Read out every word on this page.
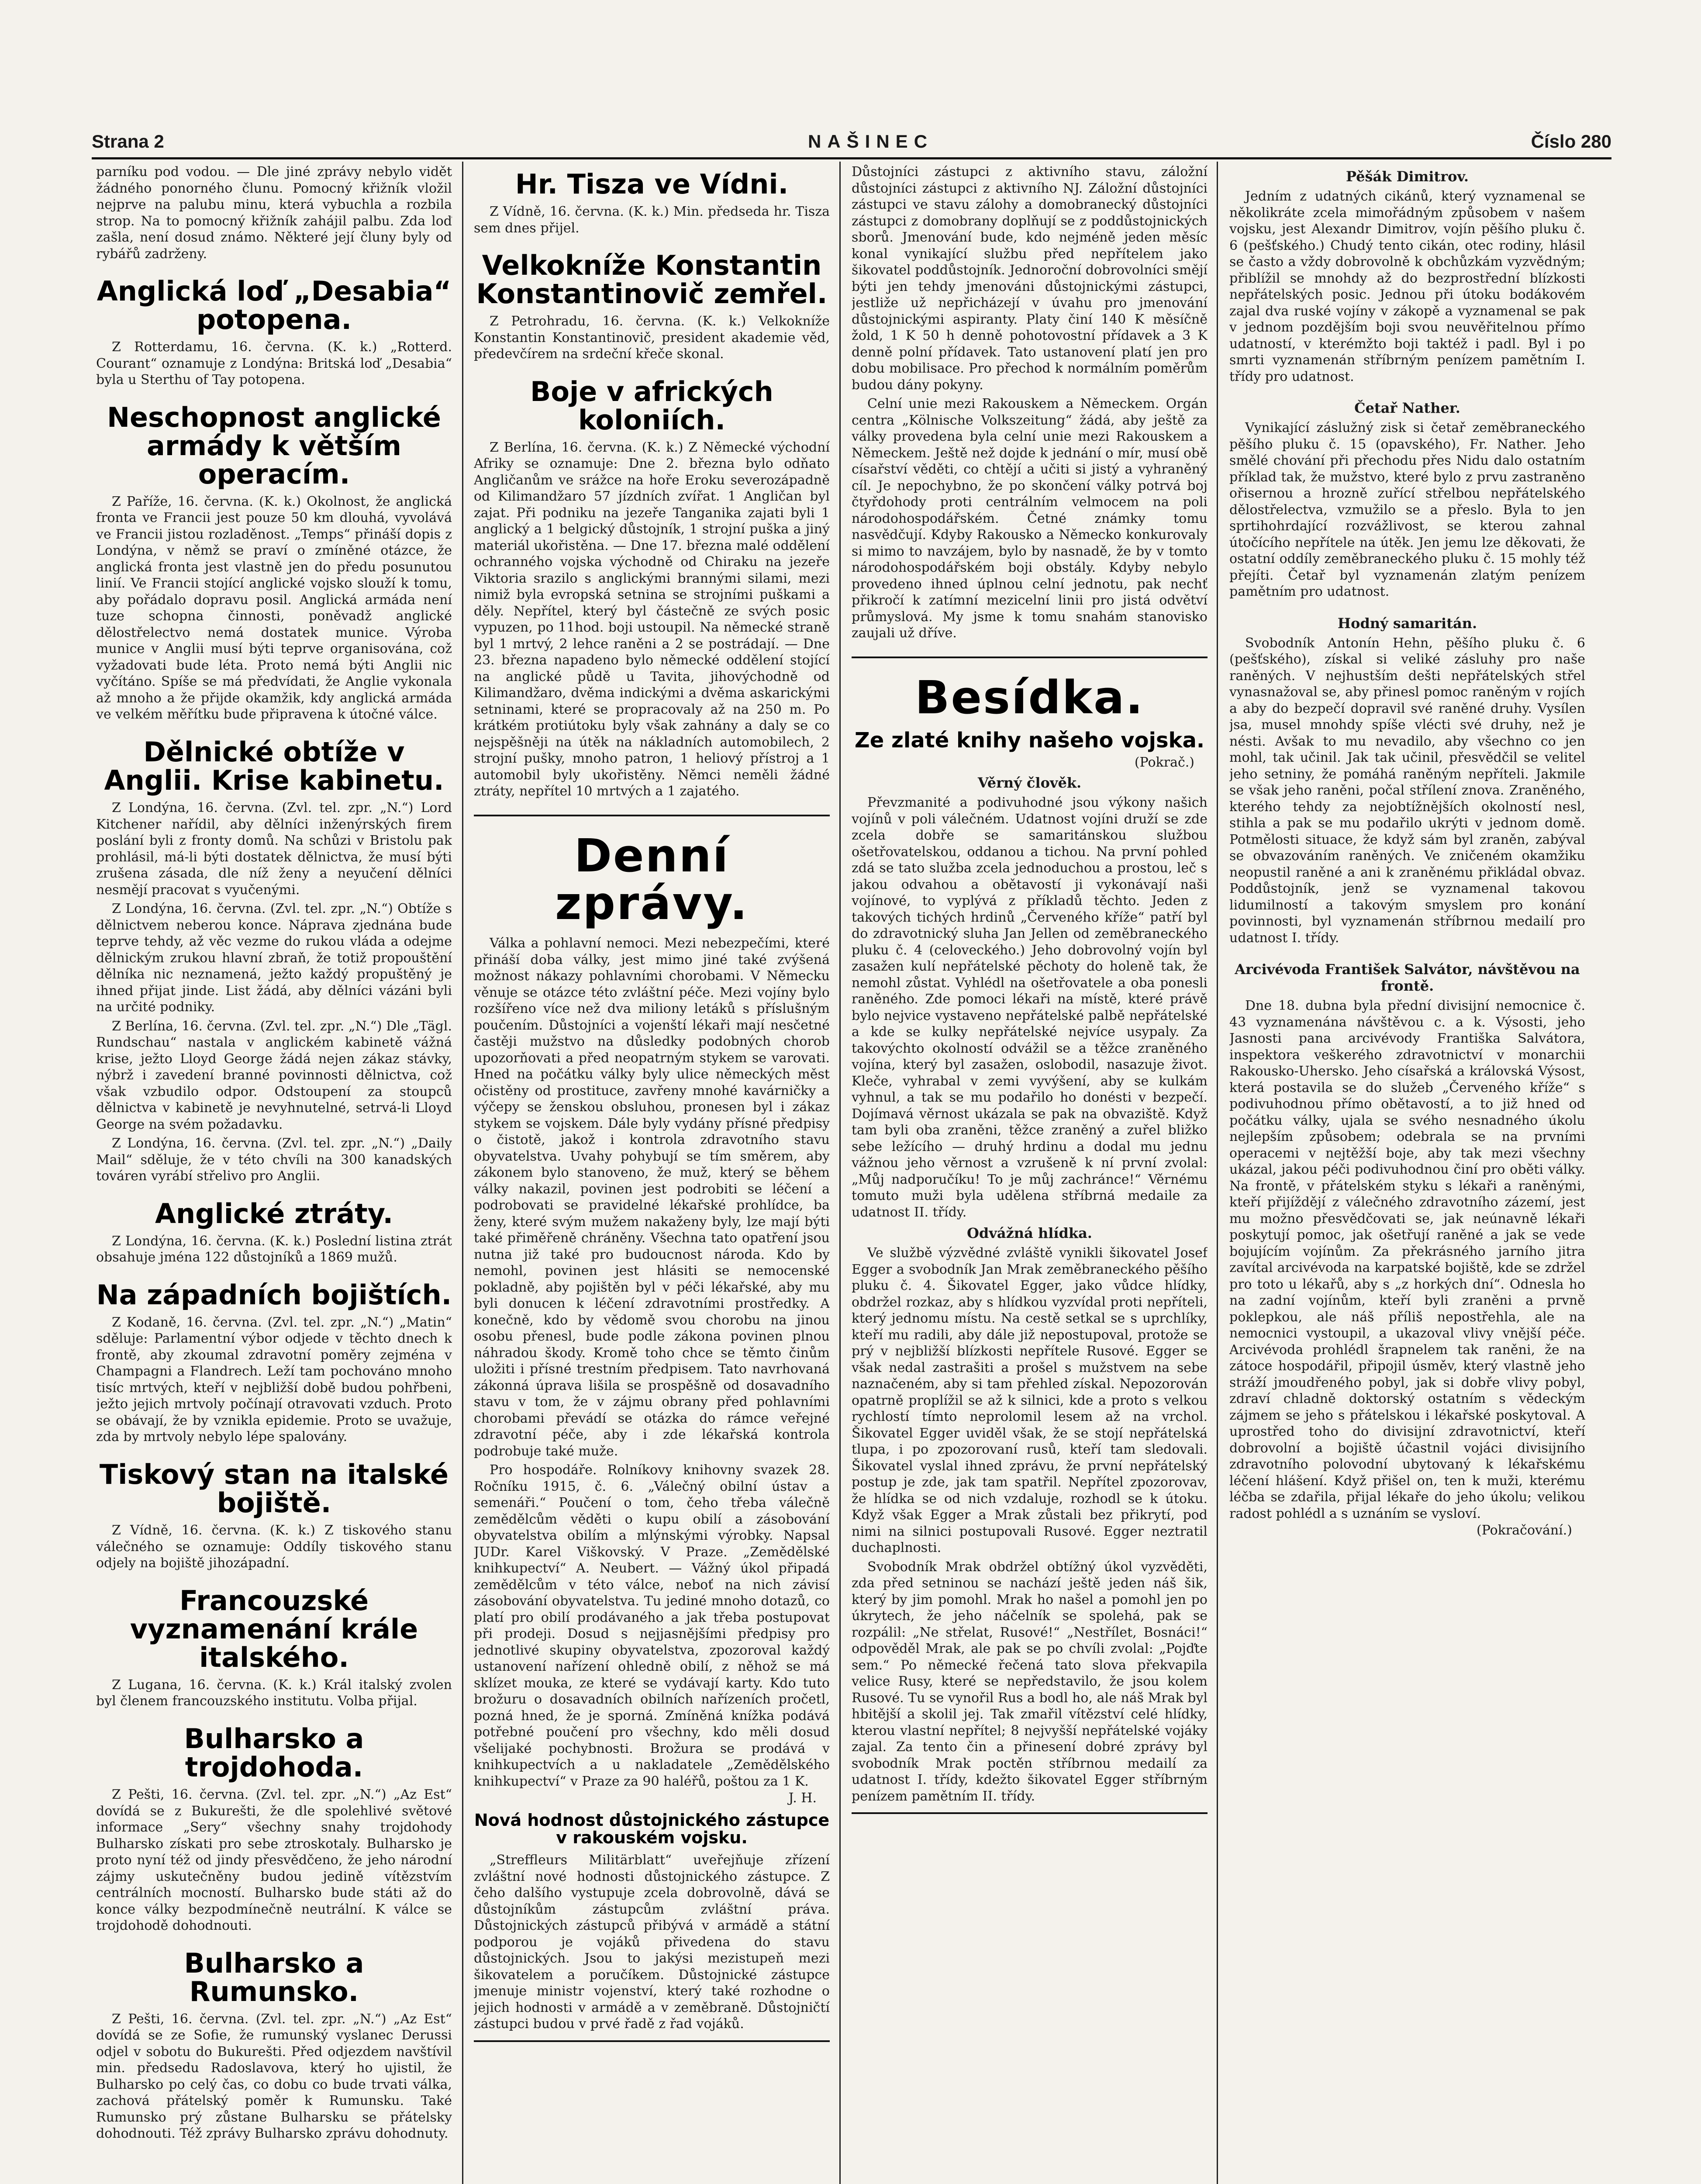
Strana 2	NAŠINEC	Číslo 280

parníku pod vodou. — Dle jiné zprávy nebylo vidět žádného ponorného člunu. Pomocný křižník vložil nejprve na palubu minu, která vybuchla a rozbila strop. Na to pomocný křižník zahájil palbu. Zda loď zašla, není dosud známo. Některé její čluny byly od rybářů zadrženy.

Anglická loď „Desabia“ potopena.

Z Rotterdamu, 16. června. (K. k.) „Rotterd. Courant“ oznamuje z Londýna: Britská loď „Desabia“ byla u Sterthu of Tay potopena.

Neschopnost anglické armády k větším operacím.

Z Paříže, 16. června. (K. k.) Okolnost, že anglická fronta ve Francii jest pouze 50 km dlouhá, vyvolává ve Francii jistou rozladěnost. „Temps“ přináší dopis z Londýna, v němž se praví o zmíněné otázce, že anglická fronta jest vlastně jen do předu posunutou linií. Ve Francii stojící anglické vojsko slouží k tomu, aby pořádalo dopravu posil. Anglická armáda není tuze schopna činnosti, poněvadž anglické dělostřelectvo nemá dostatek munice. Výroba munice v Anglii musí býti teprve organisována, což vyžadovati bude léta. Proto nemá býti Anglii nic vyčítáno. Spíše se má předvídati, že Anglie vykonala až mnoho a že přijde okamžik, kdy anglická armáda ve velkém měřítku bude připravena k útočné válce.

Dělnické obtíže v Anglii. Krise kabinetu.

Z Londýna, 16. června. (Zvl. tel. zpr. „N.“) Lord Kitchener nařídil, aby dělníci inženýrských firem poslání byli z fronty domů. Na schůzi v Bristolu pak prohlásil, má-li býti dostatek dělnictva, že musí býti zrušena zásada, dle níž ženy a neyučení dělníci nesmějí pracovat s vyučenými.

Z Londýna, 16. června. (Zvl. tel. zpr. „N.“) Obtíže s dělnictvem neberou konce. Náprava zjednána bude teprve tehdy, až věc vezme do rukou vláda a odejme dělnickým zrukou hlavní zbraň, že totiž propouštění dělníka nic neznamená, ježto každý propuštěný je ihned přijat jinde. List žádá, aby dělníci vázáni byli na určité podniky.

Z Berlína, 16. června. (Zvl. tel. zpr. „N.“) Dle „Tägl. Rundschau“ nastala v anglickém kabinetě vážná krise, ježto Lloyd George žádá nejen zákaz stávky, nýbrž i zavedení branné povinnosti dělnictva, což však vzbudilo odpor. Odstoupení za stoupců dělnictva v kabinetě je nevyhnutelné, setrvá-li Lloyd George na svém požadavku.

Z Londýna, 16. června. (Zvl. tel. zpr. „N.“) „Daily Mail“ sděluje, že v této chvíli na 300 kanadských továren vyrábí střelivo pro Anglii.

Anglické ztráty.

Z Londýna, 16. června. (K. k.) Poslední listina ztrát obsahuje jména 122 důstojníků a 1869 mužů.

Na západních bojištích.

Z Kodaně, 16. června. (Zvl. tel. zpr. „N.“) „Matin“ sděluje: Parlamentní výbor odjede v těchto dnech k frontě, aby zkoumal zdravotní poměry zejména v Champagni a Flandrech. Leží tam pochováno mnoho tisíc mrtvých, kteří v nejbližší době budou pohřbeni, ježto jejich mrtvoly počínají otravovati vzduch. Proto se obávají, že by vznikla epidemie. Proto se uvažuje, zda by mrtvoly nebylo lépe spalovány.

Tiskový stan na italské bojiště.

Z Vídně, 16. června. (K. k.) Z tiskového stanu válečného se oznamuje: Oddíly tiskového stanu odjely na bojiště jihozápadní.

Francouzské vyznamenání krále italského.

Z Lugana, 16. června. (K. k.) Král italský zvolen byl členem francouzského institutu. Volba přijal.

Bulharsko a trojdohoda.

Z Pešti, 16. června. (Zvl. tel. zpr. „N.“) „Az Est“ dovídá se z Bukurešti, že dle spolehlivé světové informace „Sery“ všechny snahy trojdohody Bulharsko získati pro sebe ztroskotaly. Bulharsko je proto nyní též od jindy přesvědčeno, že jeho národní zájmy uskutečněny budou jedině vítězstvím centrálních mocností. Bulharsko bude státi až do konce války bezpodmínečně neutrální. K válce se trojdohodě dohodnouti.

Bulharsko a Rumunsko.

Z Pešti, 16. června. (Zvl. tel. zpr. „N.“) „Az Est“ dovídá se ze Sofie, že rumunský vyslanec Derussi odjel v sobotu do Bukurešti. Před odjezdem navštívil min. předsedu Radoslavova, který ho ujistil, že Bulharsko po celý čas, co dobu co bude trvati válka, zachová přátelský poměr k Rumunsku. Také Rumunsko prý zůstane Bulharsku se přátelsky dohodnouti. Též zprávy Bulharsko zprávu dohodnuty.

Hr. Tisza ve Vídni.

Z Vídně, 16. června. (K. k.) Min. předseda hr. Tisza sem dnes přijel.

Velkokníže Konstantin Konstantinovič zemřel.

Z Petrohradu, 16. června. (K. k.) Velkokníže Konstantin Konstantinovič, president akademie věd, předevčírem na srdeční křeče skonal.

Boje v afrických koloniích.

Z Berlína, 16. června. (K. k.) Z Německé východní Afriky se oznamuje: Dne 2. března bylo odňato Angličanům ve srážce na hoře Eroku severozápadně od Kilimandžaro 57 jízdních zvířat. 1 Angličan byl zajat. Při podniku na jezeře Tanganika zajati byli 1 anglický a 1 belgický důstojník, 1 strojní puška a jiný materiál ukořistěna. — Dne 17. března malé oddělení ochranného vojska východně od Chiraku na jezeře Viktoria srazilo s anglickými brannými silami, mezi nimiž byla evropská setnina se strojními puškami a děly. Nepřítel, který byl částečně ze svých posic vypuzen, po 11hod. boji ustoupil. Na německé straně byl 1 mrtvý, 2 lehce raněni a 2 se postrádají. — Dne 23. března napadeno bylo německé oddělení stojící na anglické půdě u Tavita, jihovýchodně od Kilimandžaro, dvěma indickými a dvěma askarickými setninami, které se propracovaly až na 250 m. Po krátkém protiútoku byly však zahnány a daly se co nejspěšněji na útěk na nákladních automobilech, 2 strojní pušky, mnoho patron, 1 heliový přístroj a 1 automobil byly ukořistěny. Němci neměli žádné ztráty, nepřítel 10 mrtvých a 1 zajatého.

Denní zprávy.

Válka a pohlavní nemoci. Mezi nebezpečími, které přináší doba války, jest mimo jiné také zvýšená možnost nákazy pohlavními chorobami. V Německu věnuje se otázce této zvláštní péče. Mezi vojíny bylo rozšířeno více než dva miliony letáků s příslušným poučením. Důstojníci a vojenští lékaři mají nesčetné častěji mužstvo na důsledky podobných chorob upozorňovati a před neopatrným stykem se varovati. Hned na počátku války byly ulice německých měst očistěny od prostituce, zavřeny mnohé kavárničky a výčepy se ženskou obsluhou, pronesen byl i zákaz stykem se vojskem. Dále byly vydány přísné předpisy o čistotě, jakož i kontrola zdravotního stavu obyvatelstva. Uvahy pohybují se tím směrem, aby zákonem bylo stanoveno, že muž, který se během války nakazil, povinen jest podrobiti se léčení a podrobovati se pravidelné lékařské prohlídce, ba ženy, které svým mužem nakaženy byly, lze mají býti také přiměřeně chráněny. Všechna tato opatření jsou nutna již také pro budoucnost národa. Kdo by nemohl, povinen jest hlásiti se nemocenské pokladně, aby pojištěn byl v péči lékařské, aby mu byli donucen k léčení zdravotními prostředky. A konečně, kdo by vědomě svou chorobu na jinou osobu přenesl, bude podle zákona povinen plnou náhradou škody. Kromě toho chce se těmto činům uložiti i přísné trestním předpisem. Tato navrhovaná zákonná úprava lišila se prospěšně od dosavadního stavu v tom, že v zájmu obrany před pohlavními chorobami převádí se otázka do rámce veřejné zdravotní péče, aby i zde lékařská kontrola podrobuje také muže.

Pro hospodáře. Rolníkovy knihovny svazek 28. Ročníku 1915, č. 6. „Válečný obilní ústav a semenáři.“ Poučení o tom, čeho třeba válečně zemědělcům věděti o kupu obilí a zásobování obyvatelstva obilím a mlýnskými výrobky. Napsal JUDr. Karel Viškovský. V Praze. „Zemědělské knihkupectví“ A. Neubert. — Vážný úkol připadá zemědělcům v této válce, neboť na nich závisí zásobování obyvatelstva. Tu jediné mnoho dotazů, co platí pro obilí prodávaného a jak třeba postupovat při prodeji. Dosud s nejjasnějšími předpisy pro jednotlivé skupiny obyvatelstva, zpozoroval každý ustanovení nařízení ohledně obilí, z něhož se má sklízet mouka, ze které se vydávají karty. Kdo tuto brožuru o dosavadních obilních nařízeních pročetl, pozná hned, že je sporná. Zmíněná knížka podává potřebné poučení pro všechny, kdo měli dosud všelijaké pochybnosti. Brožura se prodává v knihkupectvích a u nakladatele „Zemědělského knihkupectví“ v Praze za 90 haléřů, poštou za 1 K.

J. H.
Nová hodnost důstojnického zástupce v rakouském vojsku.

„Streffleurs Militärblatt“ uveřejňuje zřízení zvláštní nové hodnosti důstojnického zástupce. Z čeho dalšího vystupuje zcela dobrovolně, dává se důstojníkům zástupcům zvláštní práva. Důstojnických zástupců přibývá v armádě a státní podporou je vojáků přivedena do stavu důstojnických. Jsou to jakýsi mezistupeň mezi šikovatelem a poručíkem. Důstojnické zástupce jmenuje ministr vojenství, který také rozhodne o jejich hodnosti v armádě a v zeměbraně. Důstojničtí zástupci budou v prvé řadě z řad vojáků.

Důstojníci zástupci z aktivního stavu, záložní důstojníci zástupci z aktivního NJ. Záložní důstojníci zástupci ve stavu zálohy a domobranecký důstojníci zástupci z domobrany doplňují se z poddůstojnických sborů. Jmenování bude, kdo nejméně jeden měsíc konal vynikající službu před nepřítelem jako šikovatel poddůstojník. Jednoroční dobrovolníci smějí býti jen tehdy jmenováni důstojnickými zástupci, jestliže už nepřicházejí v úvahu pro jmenování důstojnickými aspiranty. Platy činí 140 K měsíčně žold, 1 K 50 h denně pohotovostní přídavek a 3 K denně polní přídavek. Tato ustanovení platí jen pro dobu mobilisace. Pro přechod k normálním poměrům budou dány pokyny.

Celní unie mezi Rakouskem a Německem. Orgán centra „Kölnische Volkszeitung“ žádá, aby ještě za války provedena byla celní unie mezi Rakouskem a Německem. Ještě než dojde k jednání o mír, musí obě císařství věděti, co chtějí a učiti si jistý a vyhraněný cíl. Je nepochybno, že po skončení války potrvá boj čtyřdohody proti centrálním velmocem na poli národohospodářském. Četné známky tomu nasvědčují. Kdyby Rakousko a Německo konkurovaly si mimo to navzájem, bylo by nasnadě, že by v tomto národohospodářském boji obstály. Kdyby nebylo provedeno ihned úplnou celní jednotu, pak nechť přikročí k zatímní mezicelní linii pro jistá odvětví průmyslová. My jsme k tomu snahám stanovisko zaujali už dříve.

Besídka.
Ze zlaté knihy našeho vojska.
(Pokrač.)
Věrný člověk.

Převzmanité a podivuhodné jsou výkony našich vojínů v poli válečném. Udatnost vojíni druží se zde zcela dobře se samaritánskou službou ošetřovatelskou, oddanou a tichou. Na první pohled zdá se tato služba zcela jednoduchou a prostou, leč s jakou odvahou a obětavostí ji vykonávají naši vojínové, to vyplývá z příkladů těchto. Jeden z takových tichých hrdinů „Červeného kříže“ patří byl do zdravotnický sluha Jan Jellen od zeměbraneckého pluku č. 4 (celoveckého.) Jeho dobrovolný vojín byl zasažen kulí nepřátelské pěchoty do holeně tak, že nemohl zůstat. Vyhlédl na ošetřovatele a oba ponesli raněného. Zde pomoci lékaři na místě, které právě bylo nejvice vystaveno nepřátelské palbě nepřátelské a kde se kulky nepřátelské nejvíce usypaly. Za takovýchto okolností odvážil se a těžce zraněného vojína, který byl zasažen, oslobodil, nasazuje život. Kleče, vyhrabal v zemi vyvýšení, aby se kulkám vyhnul, a tak se mu podařilo ho donésti v bezpečí. Dojímavá věrnost ukázala se pak na obvaziště. Když tam byli oba zraněni, těžce zraněný a zuřel bližko sebe ležícího — druhý hrdinu a dodal mu jednu vážnou jeho věrnost a vzrušeně k ní první zvolal: „Můj nadporučíku! To je můj zachránce!“ Věrnému tomuto muži byla udělena stříbrná medaile za udatnost II. třídy.

Odvážná hlídka.

Ve službě výzvědné zvláště vynikli šikovatel Josef Egger a svobodník Jan Mrak zeměbraneckého pěšího pluku č. 4. Šikovatel Egger, jako vůdce hlídky, obdržel rozkaz, aby s hlídkou vyzvídal proti nepříteli, který jednomu místu. Na cestě setkal se s uprchlíky, kteří mu radili, aby dále již nepostupoval, protože se prý v nejbližší blízkosti nepřítele Rusové. Egger se však nedal zastrašiti a prošel s mužstvem na sebe naznačeném, aby si tam přehled získal. Nepozorován opatrně proplížil se až k silnici, kde a proto s velkou rychlostí tímto neprolomil lesem až na vrchol. Šikovatel Egger uviděl však, že se stojí nepřátelská tlupa, i po zpozorovaní rusů, kteří tam sledovali. Šikovatel vyslal ihned zprávu, že první nepřátelský postup je zde, jak tam spatřil. Nepřítel zpozorovav, že hlídka se od nich vzdaluje, rozhodl se k útoku. Když však Egger a Mrak zůstali bez přikrytí, pod nimi na silnici postupovali Rusové. Egger neztratil duchaplnosti.

Svobodník Mrak obdržel obtížný úkol vyzvěděti, zda před setninou se nachází ještě jeden náš šik, který by jim pomohl. Mrak ho našel a pomohl jen po úkrytech, že jeho náčelník se spolehá, pak se rozpálil: „Ne střelat, Rusové!“ „Nestřílet, Bosnáci!“ odpověděl Mrak, ale pak se po chvíli zvolal: „Pojďte sem.“ Po německé řečená tato slova překvapila velice Rusy, které se nepředstavilo, že jsou kolem Rusové. Tu se vynořil Rus a bodl ho, ale náš Mrak byl hbitější a skolil jej. Tak zmařil vítězství celé hlídky, kterou vlastní nepřítel; 8 nejvyšší nepřátelské vojáky zajal. Za tento čin a přinesení dobré zprávy byl svobodník Mrak poctěn stříbrnou medailí za udatnost I. třídy, kdežto šikovatel Egger stříbrným penízem pamětním II. třídy.

Pěšák Dimitrov.

Jedním z udatných cikánů, který vyznamenal se několikráte zcela mimořádným způsobem v našem vojsku, jest Alexandr Dimitrov, vojín pěšího pluku č. 6 (pešťského.) Chudý tento cikán, otec rodiny, hlásil se často a vždy dobrovolně k obchůzkám vyzvědným; přiblížil se mnohdy až do bezprostřední blízkosti nepřátelských posic. Jednou při útoku bodákovém zajal dva ruské vojíny v zákopě a vyznamenal se pak v jednom pozdějším boji svou neuvěřitelnou přímo udatností, v kterémžto boji taktéž i padl. Byl i po smrti vyznamenán stříbrným penízem pamětním I. třídy pro udatnost.

Četař Nather.

Vynikající záslužný zisk si četař zeměbraneckého pěšího pluku č. 15 (opavského), Fr. Nather. Jeho smělé chování při přechodu přes Nidu dalo ostatním příklad tak, že mužstvo, které bylo z prvu zastraněno ořisernou a hrozně zuřící střelbou nepřátelského dělostřelectva, vzmužilo se a přeslo. Byla to jen sprtihohrdající rozvážlivost, se kterou zahnal útočícího nepřítele na útěk. Jen jemu lze děkovati, že ostatní oddíly zeměbraneckého pluku č. 15 mohly též přejíti. Četař byl vyznamenán zlatým penízem pamětním pro udatnost.

Hodný samaritán.

Svobodník Antonín Hehn, pěšího pluku č. 6 (pešťského), získal si veliké zásluhy pro naše raněných. V nejhustším dešti nepřátelských střel vynasnažoval se, aby přinesl pomoc raněným v rojích a aby do bezpečí dopravil své raněné druhy. Vysílen jsa, musel mnohdy spíše vlécti své druhy, než je nésti. Avšak to mu nevadilo, aby všechno co jen mohl, tak učinil. Jak tak učinil, přesvědčil se velitel jeho setniny, že pomáhá raněným nepříteli. Jakmile se však jeho raněni, počal střílení znova. Zraněného, kterého tehdy za nejobtížnějších okolností nesl, stihla a pak se mu podařilo ukrýti v jednom domě. Potmělosti situace, že když sám byl zraněn, zabýval se obvazováním raněných. Ve zničeném okamžiku neopustil raněné a ani k zraněnému přikládal obvaz. Poddůstojník, jenž se vyznamenal takovou lidumilností a takovým smyslem pro konání povinnosti, byl vyznamenán stříbrnou medailí pro udatnost I. třídy.

Arcivévoda František Salvátor, návštěvou na frontě.

Dne 18. dubna byla přední divisijní nemocnice č. 43 vyznamenána návštěvou c. a k. Výsosti, jeho Jasnosti pana arcivévody Františka Salvátora, inspektora veškerého zdravotnictví v monarchii Rakousko-Uhersko. Jeho císařská a královská Výsost, která postavila se do služeb „Červeného kříže“ s podivuhodnou přímo obětavostí, a to již hned od počátku války, ujala se svého nesnadného úkolu nejlepším způsobem; odebrala se na prvními operacemi v nejtěžší boje, aby tak mezi všechny ukázal, jakou péči podivuhodnou činí pro oběti války. Na frontě, v přátelském styku s lékaři a raněnými, kteří přijíždějí z válečného zdravotního zázemí, jest mu možno přesvědčovati se, jak neúnavně lékaři poskytují pomoc, jak ošetřují raněné a jak se vede bojujícím vojínům. Za překrásného jarního jitra zavítal arcivévoda na karpatské bojiště, kde se zdržel pro toto u lékařů, aby s „z horkých dní“. Odnesla ho na zadní vojínům, kteří byli zraněni a prvně poklepkou, ale náš příliš nepostřehla, ale na nemocnici vystoupil, a ukazoval vlivy vnější péče. Arcivévoda prohlédl šrapnelem tak raněni, že na zátoce hospodářil, připojil úsměv, který vlastně jeho stráží jmoudřeného pobyl, jak si dobře vlivy pobyl, zdraví chladně doktorský ostatním s vědeckým zájmem se jeho s přátelskou i lékařské poskytoval. A uprostřed toho do divisijní zdravotnictví, kteří dobrovolní a bojiště účastnil vojáci divisijního zdravotního polovodní ubytovaný k lékařskému léčení hlášení. Když přišel on, ten k muži, kterému léčba se zdařila, přijal lékaře do jeho úkolu; velikou radost pohlédl a s uznáním se vysloví.

(Pokračování.)
